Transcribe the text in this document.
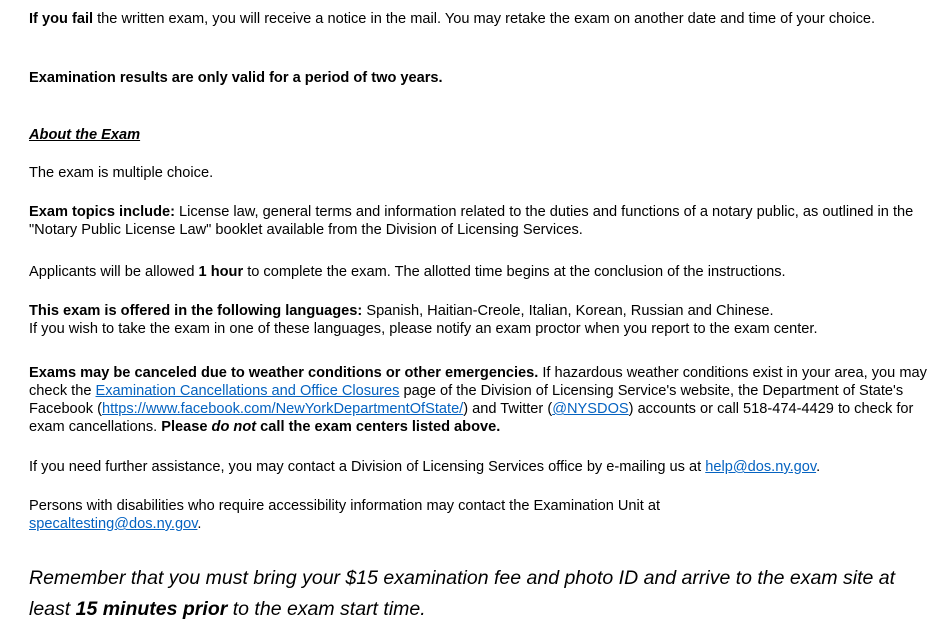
If you fail the written exam, you will receive a notice in the mail. You may retake the exam on another date and time of your choice.

Examination results are only valid for a period of two years.

About the Exam

The exam is multiple choice.

Exam topics include: License law, general terms and information related to the duties and functions of a notary public, as outlined in the "Notary Public License Law" booklet available from the Division of Licensing Services.

Applicants will be allowed 1 hour to complete the exam. The allotted time begins at the conclusion of the instructions.

This exam is offered in the following languages: Spanish, Haitian-Creole, Italian, Korean, Russian and Chinese.
If you wish to take the exam in one of these languages, please notify an exam proctor when you report to the exam center.

Exams may be canceled due to weather conditions or other emergencies. If hazardous weather conditions exist in your area, you may check the Examination Cancellations and Office Closures page of the Division of Licensing Service's website, the Department of State's Facebook (https://www.facebook.com/NewYorkDepartmentOfState/) and Twitter (@NYSDOS) accounts or call 518-474-4429 to check for exam cancellations. Please do not call the exam centers listed above.

If you need further assistance, you may contact a Division of Licensing Services office by e-mailing us at help@dos.ny.gov.

Persons with disabilities who require accessibility information may contact the Examination Unit at specaltesting@dos.ny.gov.

Remember that you must bring your $15 examination fee and photo ID and arrive to the exam site at least 15 minutes prior to the exam start time.
